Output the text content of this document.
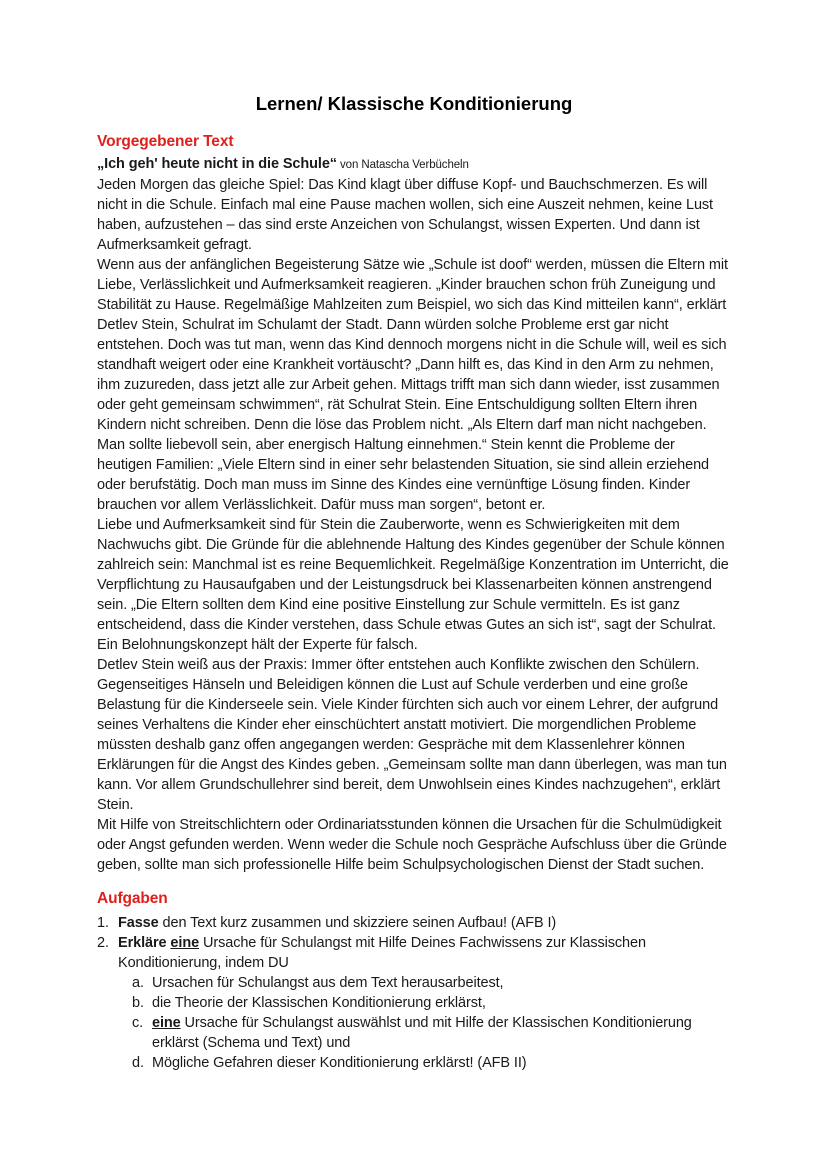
Lernen/ Klassische Konditionierung
Vorgegebener Text

„Ich geh' heute nicht in die Schule“ von Natascha Verbücheln

Jeden Morgen das gleiche Spiel: Das Kind klagt über diffuse Kopf- und Bauchschmerzen. Es will nicht in die Schule. Einfach mal eine Pause machen wollen, sich eine Auszeit nehmen, keine Lust haben, aufzustehen – das sind erste Anzeichen von Schulangst, wissen Experten. Und dann ist Aufmerksamkeit gefragt.

Wenn aus der anfänglichen Begeisterung Sätze wie „Schule ist doof“ werden, müssen die Eltern mit Liebe, Verlässlichkeit und Aufmerksamkeit reagieren. „Kinder brauchen schon früh Zuneigung und Stabilität zu Hause. Regelmäßige Mahlzeiten zum Beispiel, wo sich das Kind mitteilen kann“, erklärt Detlev Stein, Schulrat im Schulamt der Stadt. Dann würden solche Probleme erst gar nicht entstehen. Doch was tut man, wenn das Kind dennoch morgens nicht in die Schule will, weil es sich standhaft weigert oder eine Krankheit vortäuscht? „Dann hilft es, das Kind in den Arm zu nehmen, ihm zuzureden, dass jetzt alle zur Arbeit gehen. Mittags trifft man sich dann wieder, isst zusammen oder geht gemeinsam schwimmen“, rät Schulrat Stein. Eine Entschuldigung sollten Eltern ihren Kindern nicht schreiben. Denn die löse das Problem nicht. „Als Eltern darf man nicht nachgeben. Man sollte liebevoll sein, aber energisch Haltung einnehmen.“ Stein kennt die Probleme der heutigen Familien: „Viele Eltern sind in einer sehr belastenden Situation, sie sind allein erziehend oder berufstätig. Doch man muss im Sinne des Kindes eine vernünftige Lösung finden. Kinder brauchen vor allem Verlässlichkeit. Dafür muss man sorgen“, betont er.

Liebe und Aufmerksamkeit sind für Stein die Zauberworte, wenn es Schwierigkeiten mit dem Nachwuchs gibt. Die Gründe für die ablehnende Haltung des Kindes gegenüber der Schule können zahlreich sein: Manchmal ist es reine Bequemlichkeit. Regelmäßige Konzentration im Unterricht, die Verpflichtung zu Hausaufgaben und der Leistungsdruck bei Klassenarbeiten können anstrengend sein. „Die Eltern sollten dem Kind eine positive Einstellung zur Schule vermitteln. Es ist ganz entscheidend, dass die Kinder verstehen, dass Schule etwas Gutes an sich ist“, sagt der Schulrat. Ein Belohnungskonzept hält der Experte für falsch.

Detlev Stein weiß aus der Praxis: Immer öfter entstehen auch Konflikte zwischen den Schülern. Gegenseitiges Hänseln und Beleidigen können die Lust auf Schule verderben und eine große Belastung für die Kinderseele sein. Viele Kinder fürchten sich auch vor einem Lehrer, der aufgrund seines Verhaltens die Kinder eher einschüchtert anstatt motiviert. Die morgendlichen Probleme müssten deshalb ganz offen angegangen werden: Gespräche mit dem Klassenlehrer können Erklärungen für die Angst des Kindes geben. „Gemeinsam sollte man dann überlegen, was man tun kann. Vor allem Grundschullehrer sind bereit, dem Unwohlsein eines Kindes nachzugehen“, erklärt Stein.

Mit Hilfe von Streitschlichtern oder Ordinariatsstunden können die Ursachen für die Schulmüdigkeit oder Angst gefunden werden. Wenn weder die Schule noch Gespräche Aufschluss über die Gründe geben, sollte man sich professionelle Hilfe beim Schulpsychologischen Dienst der Stadt suchen.

Aufgaben
1. Fasse den Text kurz zusammen und skizziere seinen Aufbau! (AFB I)
2. Erkläre eine Ursache für Schulangst mit Hilfe Deines Fachwissens zur Klassischen Konditionierung, indem DU
a. Ursachen für Schulangst aus dem Text herausarbeitest,
b. die Theorie der Klassischen Konditionierung erklärst,
c. eine Ursache für Schulangst auswählst und mit Hilfe der Klassischen Konditionierung erklärst (Schema und Text) und
d. Mögliche Gefahren dieser Konditionierung erklärst! (AFB II)
